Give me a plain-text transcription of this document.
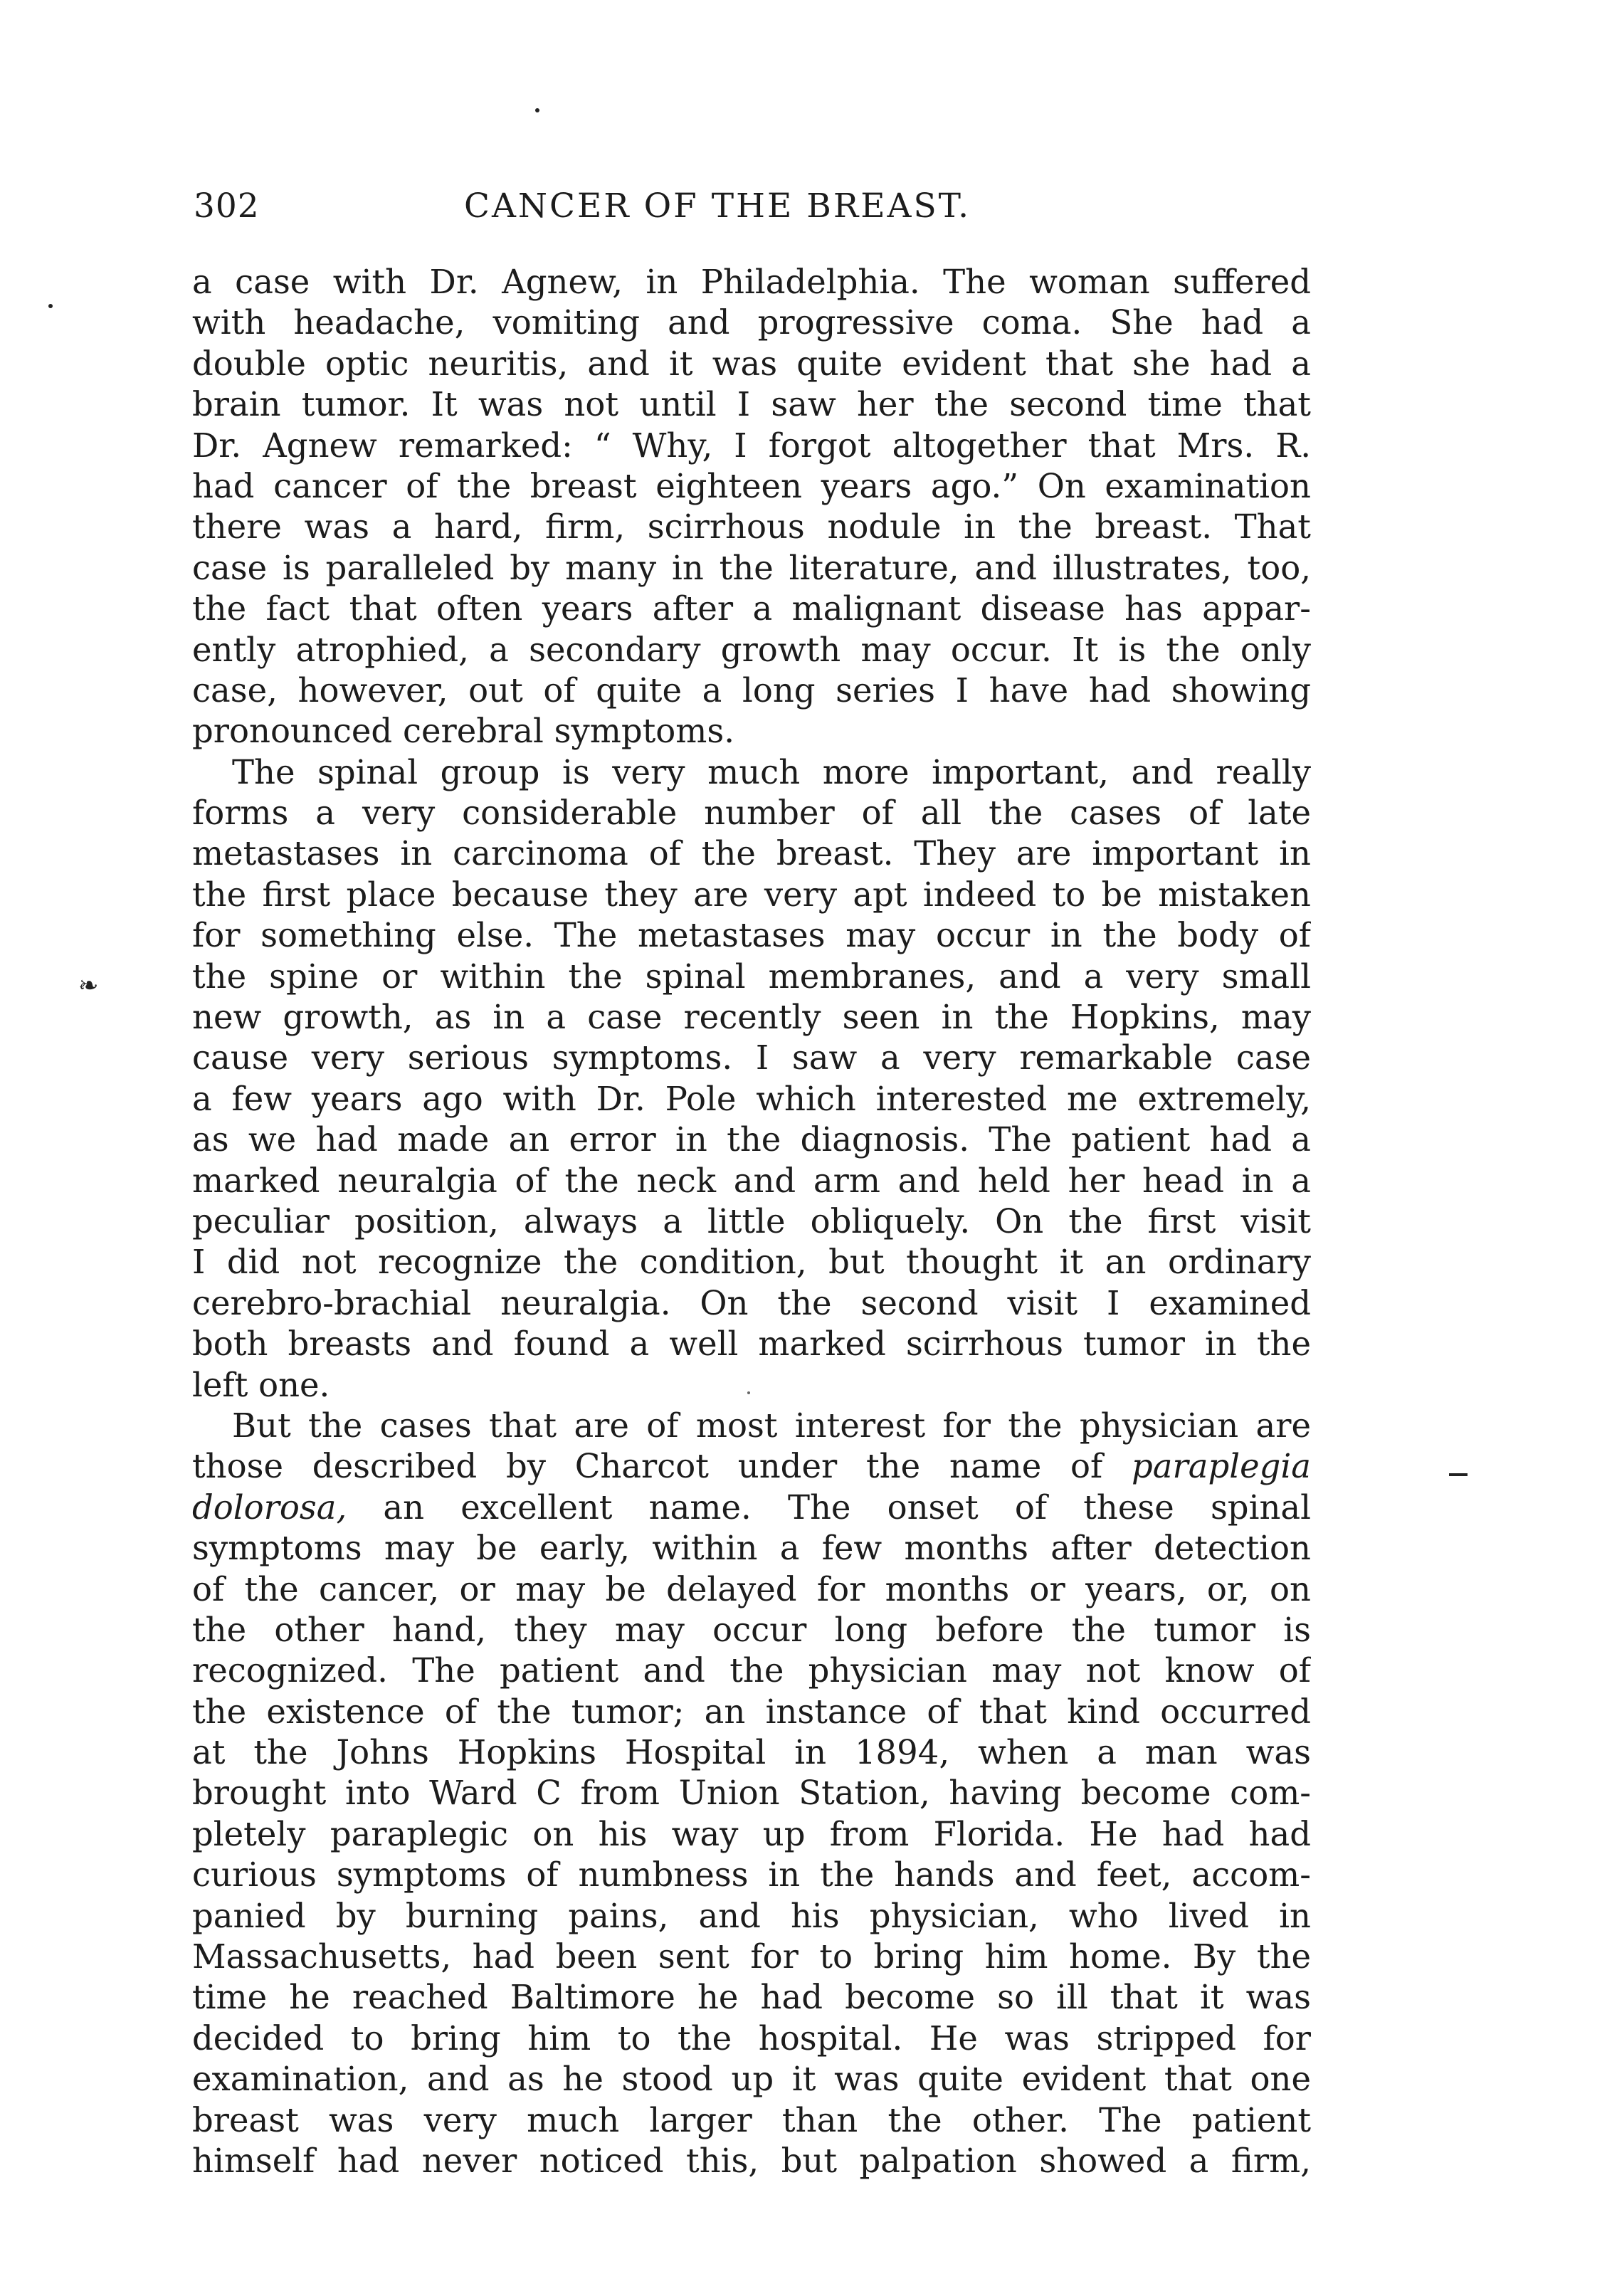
❧
302	CANCER OF THE BREAST.
a case with Dr. Agnew, in Philadelphia. The woman suffered
with headache, vomiting and progressive coma. She had a
double optic neuritis, and it was quite evident that she had a
brain tumor. It was not until I saw her the second time that
Dr. Agnew remarked: “ Why, I forgot altogether that Mrs. R.
had cancer of the breast eighteen years ago.” On examination
there was a hard, firm, scirrhous nodule in the breast. That
case is paralleled by many in the literature, and illustrates, too,
the fact that often years after a malignant disease has appar-
ently atrophied, a secondary growth may occur. It is the only
case, however, out of quite a long series I have had showing
pronounced cerebral symptoms.
The spinal group is very much more important, and really
forms a very considerable number of all the cases of late
metastases in carcinoma of the breast. They are important in
the first place because they are very apt indeed to be mistaken
for something else. The metastases may occur in the body of
the spine or within the spinal membranes, and a very small
new growth, as in a case recently seen in the Hopkins, may
cause very serious symptoms. I saw a very remarkable case
a few years ago with Dr. Pole which interested me extremely,
as we had made an error in the diagnosis. The patient had a
marked neuralgia of the neck and arm and held her head in a
peculiar position, always a little obliquely. On the first visit
I did not recognize the condition, but thought it an ordinary
cerebro-brachial neuralgia. On the second visit I examined
both breasts and found a well marked scirrhous tumor in the
left one.
But the cases that are of most interest for the physician are
those described by Charcot under the name of paraplegia
dolorosa, an excellent name. The onset of these spinal
symptoms may be early, within a few months after detection
of the cancer, or may be delayed for months or years, or, on
the other hand, they may occur long before the tumor is
recognized. The patient and the physician may not know of
the existence of the tumor; an instance of that kind occurred
at the Johns Hopkins Hospital in 1894, when a man was
brought into Ward C from Union Station, having become com-
pletely paraplegic on his way up from Florida. He had had
curious symptoms of numbness in the hands and feet, accom-
panied by burning pains, and his physician, who lived in
Massachusetts, had been sent for to bring him home. By the
time he reached Baltimore he had become so ill that it was
decided to bring him to the hospital. He was stripped for
examination, and as he stood up it was quite evident that one
breast was very much larger than the other. The patient
himself had never noticed this, but palpation showed a firm,
